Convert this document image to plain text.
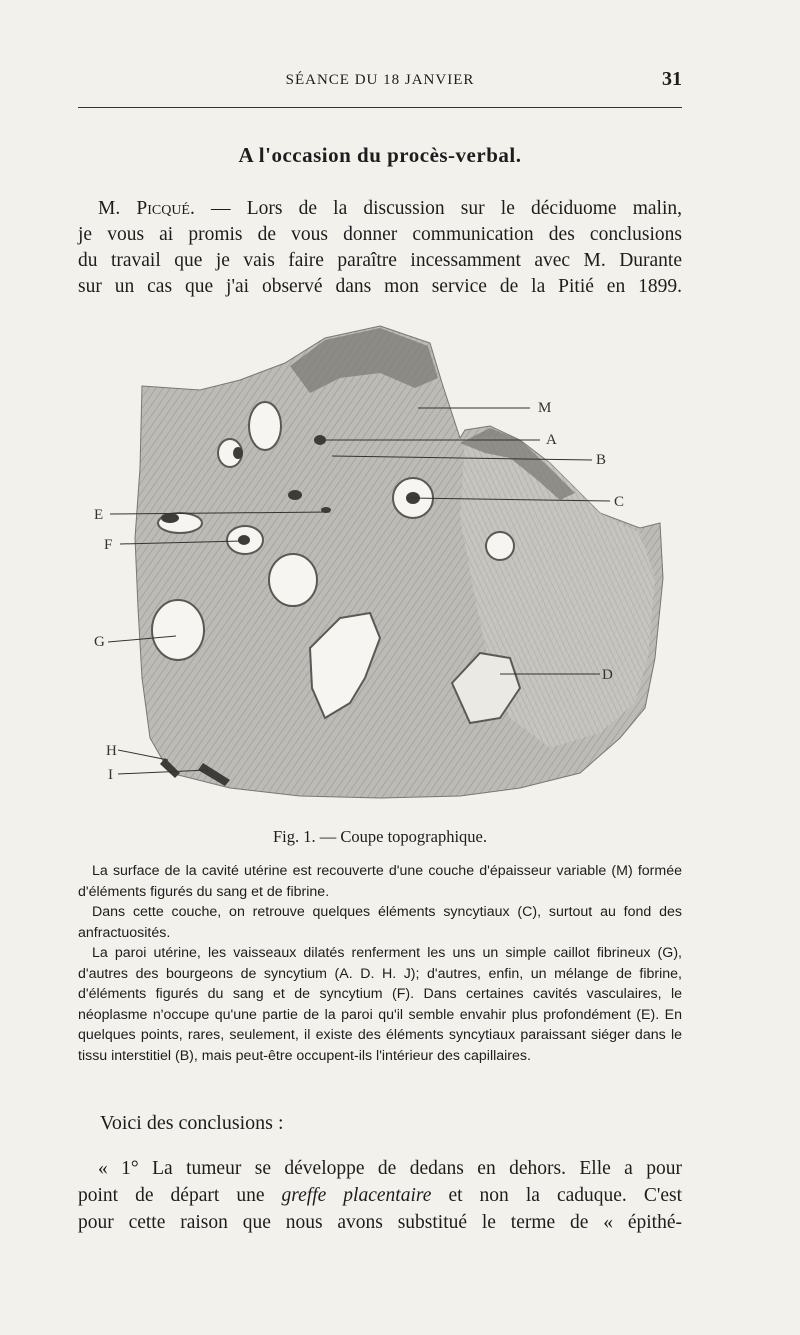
SÉANCE DU 18 JANVIER	31
A l'occasion du procès-verbal.
M. Picqué. — Lors de la discussion sur le déciduome malin,
je vous ai promis de vous donner communication des conclusions
du travail que je vais faire paraître incessamment avec M. Durante
sur un cas que j'ai observé dans mon service de la Pitié en 1899.
M
A
B
C
D
E
F
G
H
I
Fig. 1. — Coupe topographique.

La surface de la cavité utérine est recouverte d'une couche d'épaisseur variable (M) formée d'éléments figurés du sang et de fibrine.

Dans cette couche, on retrouve quelques éléments syncytiaux (C), surtout au fond des anfractuosités.

La paroi utérine, les vaisseaux dilatés renferment les uns un simple caillot fibrineux (G), d'autres des bourgeons de syncytium (A. D. H. J); d'autres, enfin, un mélange de fibrine, d'éléments figurés du sang et de syncytium (F). Dans certaines cavités vasculaires, le néoplasme n'occupe qu'une partie de la paroi qu'il semble envahir plus profondément (E). En quelques points, rares, seulement, il existe des éléments syncytiaux paraissant siéger dans le tissu interstitiel (B), mais peut-être occupent-ils l'intérieur des capillaires.

Voici des conclusions :
« 1° La tumeur se développe de dedans en dehors. Elle a pour
point de départ une greffe placentaire et non la caduque. C'est
pour cette raison que nous avons substitué le terme de « épithé-
